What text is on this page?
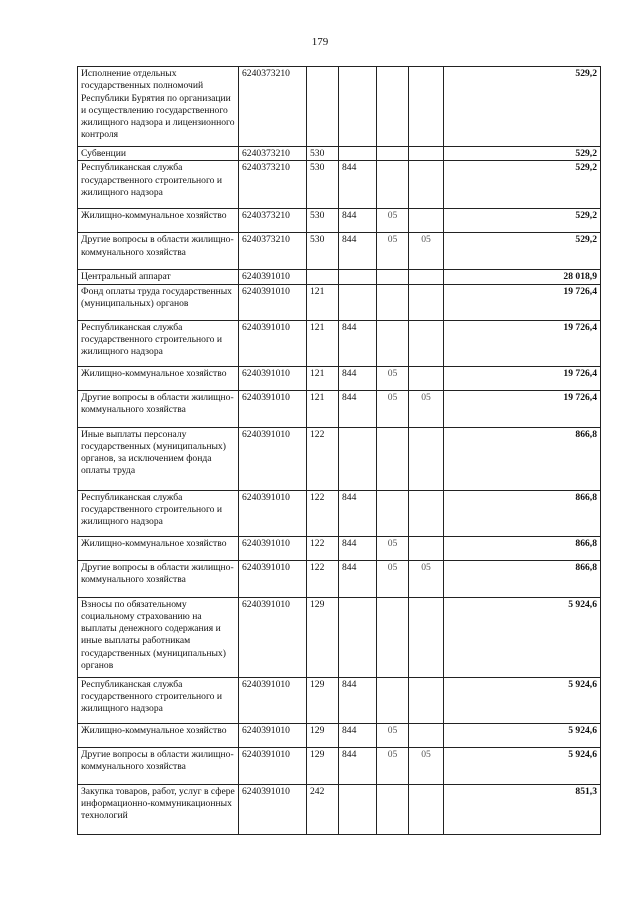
179
Исполнение отдельных государственных полномочий Республики Бурятия по организации и осуществлению государственного жилищного надзора и лицензионного контроля	6240373210					529,2
Субвенции	6240373210	530				529,2
Республиканская служба государственного строительного и жилищного надзора	6240373210	530	844			529,2
Жилищно-коммунальное хозяйство	6240373210	530	844	05		529,2
Другие вопросы в области жилищно-коммунального хозяйства	6240373210	530	844	05	05	529,2
Центральный аппарат	6240391010					28 018,9
Фонд оплаты труда государственных (муниципальных) органов	6240391010	121				19 726,4
Республиканская служба государственного строительного и жилищного надзора	6240391010	121	844			19 726,4
Жилищно-коммунальное хозяйство	6240391010	121	844	05		19 726,4
Другие вопросы в области жилищно-коммунального хозяйства	6240391010	121	844	05	05	19 726,4
Иные выплаты персоналу государственных (муниципальных) органов, за исключением фонда оплаты труда	6240391010	122				866,8
Республиканская служба государственного строительного и жилищного надзора	6240391010	122	844			866,8
Жилищно-коммунальное хозяйство	6240391010	122	844	05		866,8
Другие вопросы в области жилищно-коммунального хозяйства	6240391010	122	844	05	05	866,8
Взносы по обязательному социальному страхованию на выплаты денежного содержания и иные выплаты работникам государственных (муниципальных) органов	6240391010	129				5 924,6
Республиканская служба государственного строительного и жилищного надзора	6240391010	129	844			5 924,6
Жилищно-коммунальное хозяйство	6240391010	129	844	05		5 924,6
Другие вопросы в области жилищно-коммунального хозяйства	6240391010	129	844	05	05	5 924,6
Закупка товаров, работ, услуг в сфере информационно-коммуникационных технологий	6240391010	242				851,3
